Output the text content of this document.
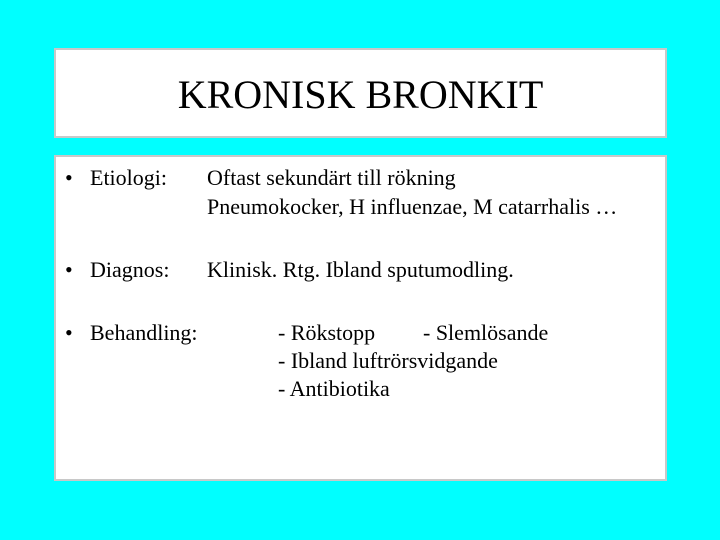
KRONISK BRONKIT
• Etiologi: Oftast sekundärt till rökning
Pneumokocker, H influenzae, M catarrhalis …
• Diagnos: Klinisk. Rtg. Ibland sputumodling.
• Behandling:	- Rökstopp - Slemlösande
- Ibland luftrörsvidgande
- Antibiotika
